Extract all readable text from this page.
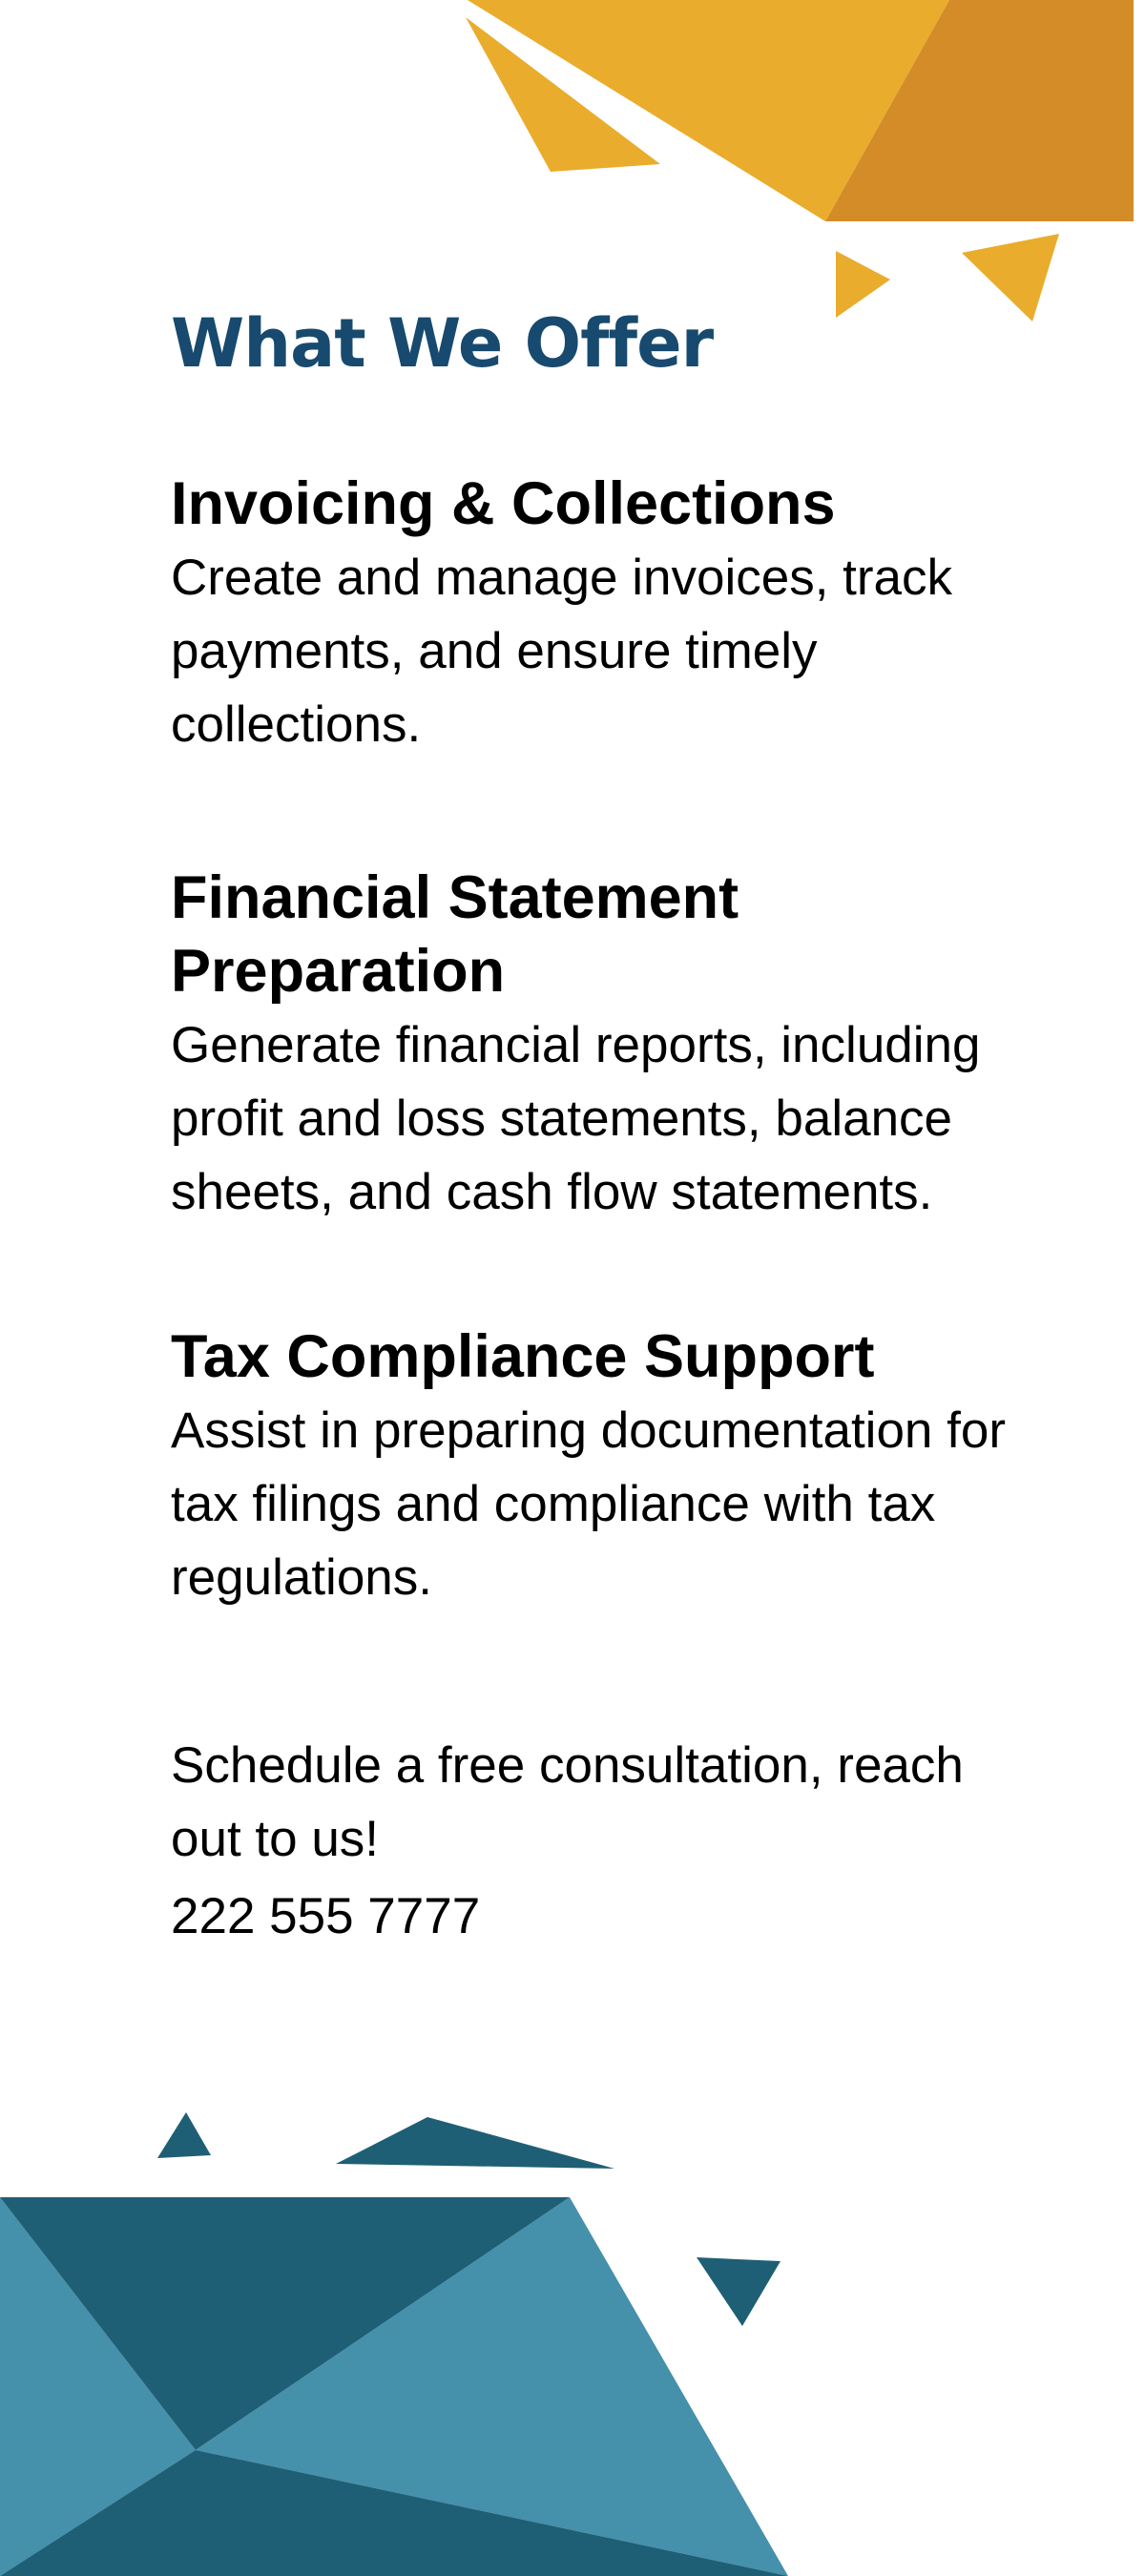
What We Offer
Invoicing & Collections

Create and manage invoices, track payments, and ensure timely collections.

Financial Statement Preparation

Generate financial reports, including profit and loss statements, balance sheets, and cash flow statements.

Tax Compliance Support

Assist in preparing documentation for tax filings and compliance with tax regulations.

Schedule a free consultation, reach out to us!

222 555 7777
